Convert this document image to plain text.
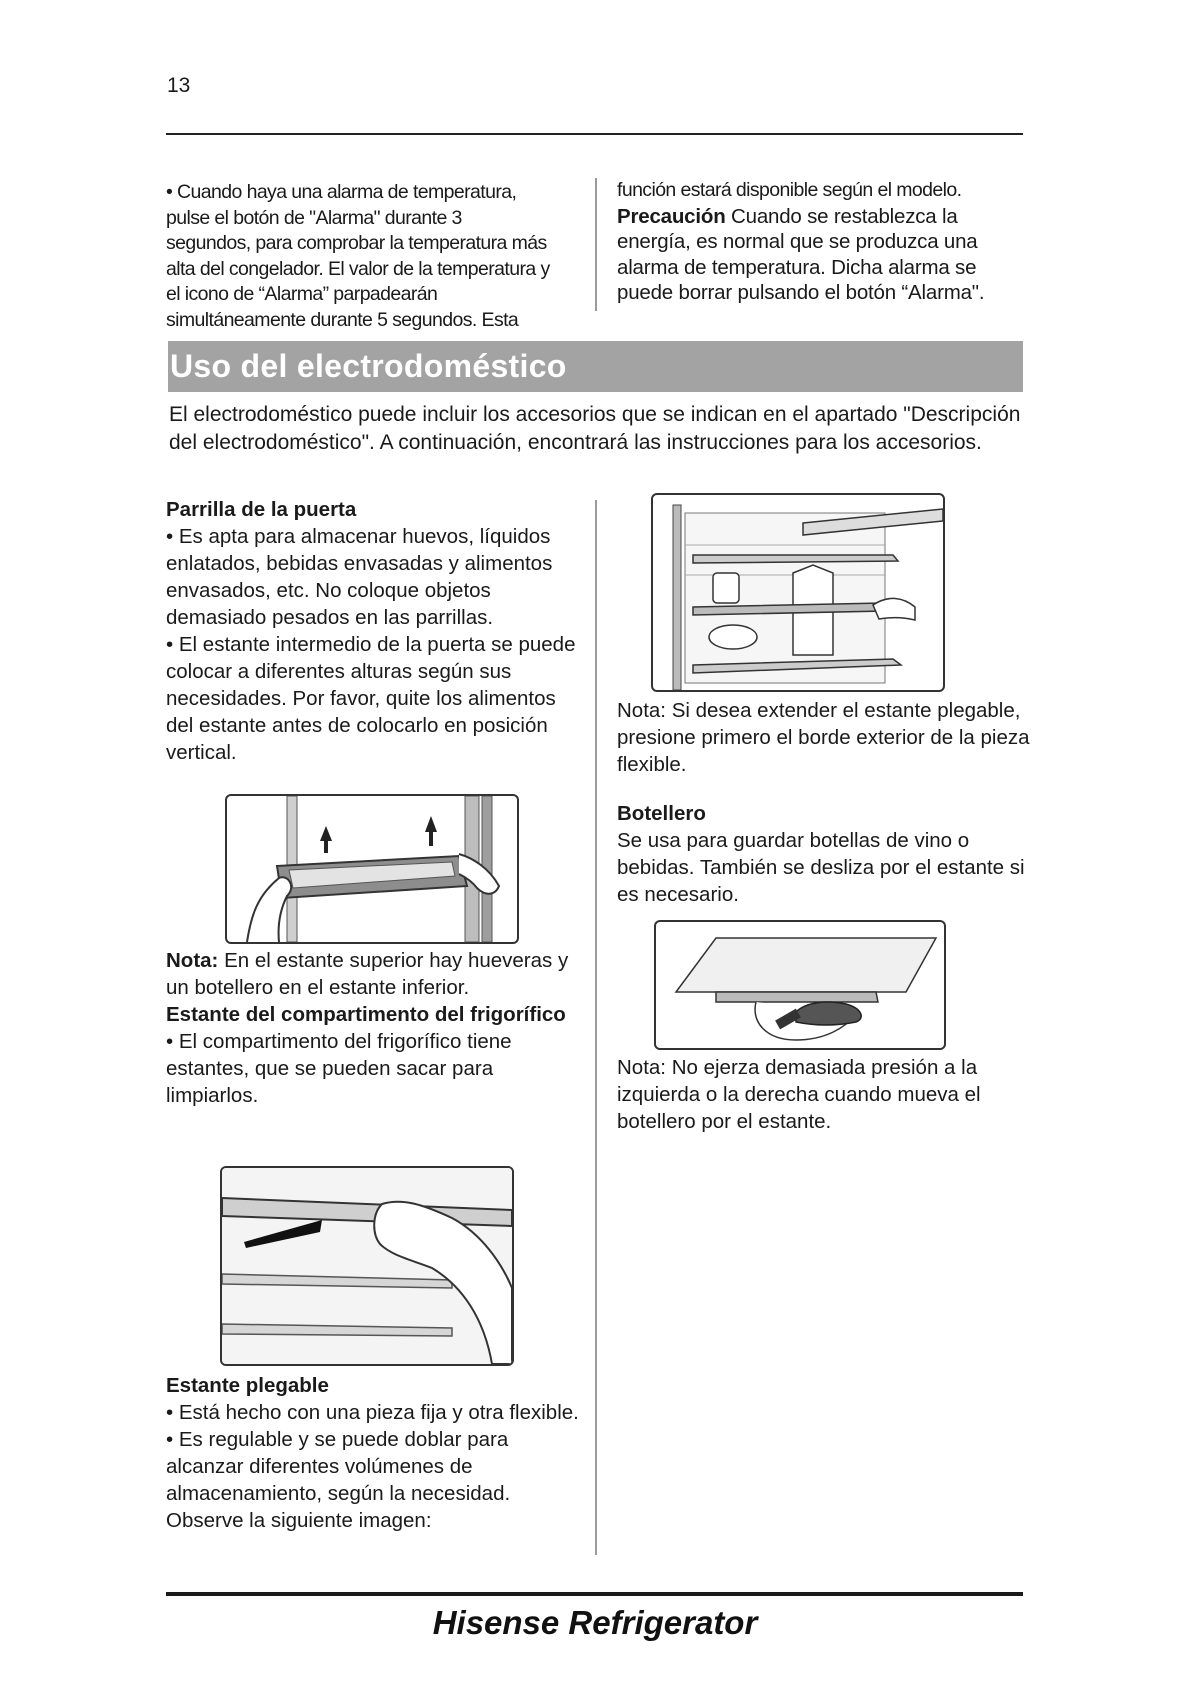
13

• Cuando haya una alarma de temperatura,

pulse el botón de "Alarma" durante 3

segundos, para comprobar la temperatura más

alta del congelador. El valor de la temperatura y

el icono de “Alarma” parpadearán

simultáneamente durante 5 segundos. Esta

función estará disponible según el modelo.

Precaución Cuando se restablezca la energía, es normal que se produzca una alarma de temperatura. Dicha alarma se puede borrar pulsando el botón “Alarma".

Uso del electrodoméstico

El electrodoméstico puede incluir los accesorios que se indican en el apartado "Descripción del electrodoméstico". A continuación, encontrará las instrucciones para los accesorios.

Parrilla de la puerta

• Es apta para almacenar huevos, líquidos enlatados, bebidas envasadas y alimentos envasados, etc. No coloque objetos demasiado pesados en las parrillas.

• El estante intermedio de la puerta se puede colocar a diferentes alturas según sus necesidades. Por favor, quite los alimentos del estante antes de colocarlo en posición vertical.

Nota: En el estante superior hay hueveras y un botellero en el estante inferior.

Estante del compartimento del frigorífico

• El compartimento del frigorífico tiene estantes, que se pueden sacar para limpiarlos.

Estante plegable

• Está hecho con una pieza fija y otra flexible.

• Es regulable y se puede doblar para alcanzar diferentes volúmenes de almacenamiento, según la necesidad. Observe la siguiente imagen:

Nota: Si desea extender el estante plegable, presione primero el borde exterior de la pieza flexible.

Botellero

Se usa para guardar botellas de vino o bebidas. También se desliza por el estante si es necesario.

Nota: No ejerza demasiada presión a la izquierda o la derecha cuando mueva el botellero por el estante.

Hisense Refrigerator
